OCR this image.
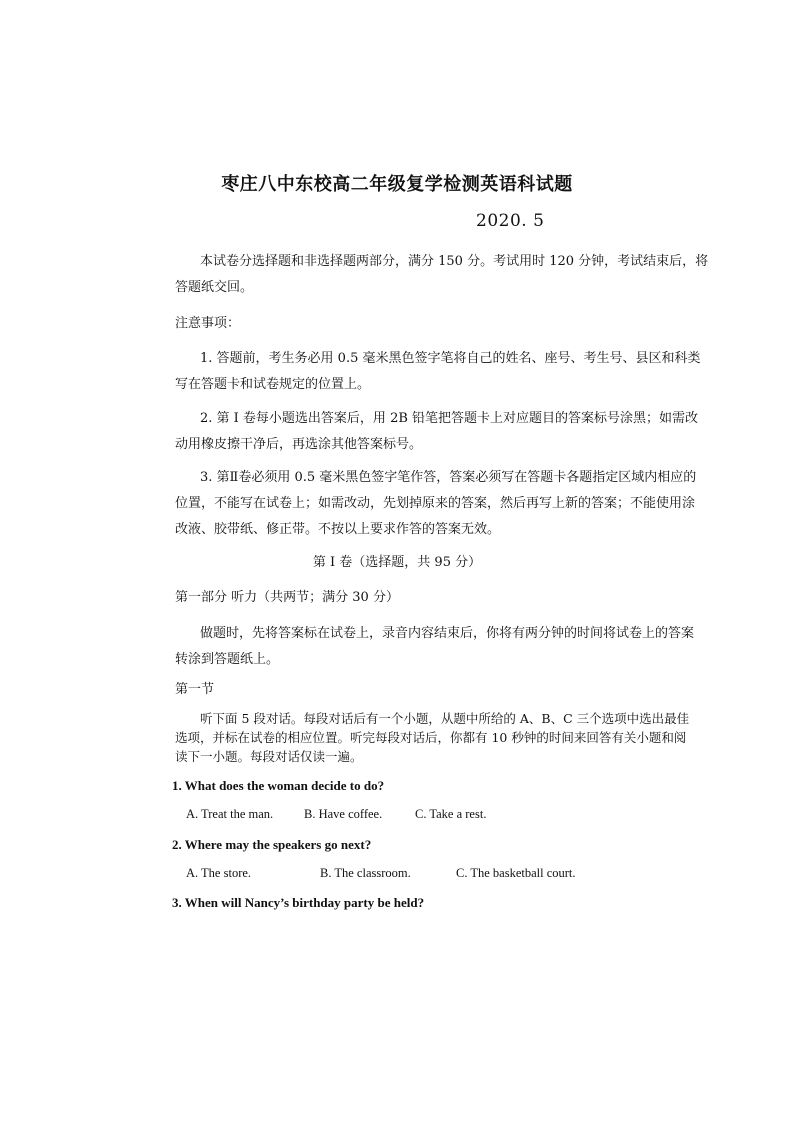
枣庄八中东校高二年级复学检测英语科试题
2020. 5
本试卷分选择题和非选择题两部分，满分 150 分。考试用时 120 分钟，考试结束后，将
答题纸交回。
注意事项：
1. 答题前，考生务必用 0.5 毫米黑色签字笔将自己的姓名、座号、考生号、县区和科类
写在答题卡和试卷规定的位置上。
2. 第 I 卷每小题选出答案后，用 2B 铅笔把答题卡上对应题目的答案标号涂黑；如需改
动用橡皮擦干净后，再选涂其他答案标号。
3. 第Ⅱ卷必须用 0.5 毫米黑色签字笔作答，答案必须写在答题卡各题指定区域内相应的
位置，不能写在试卷上；如需改动，先划掉原来的答案，然后再写上新的答案；不能使用涂
改液、胶带纸、修正带。不按以上要求作答的答案无效。
第 I 卷（选择题，共 95 分）
第一部分 听力（共两节；满分 30 分）
做题时，先将答案标在试卷上，录音内容结束后，你将有两分钟的时间将试卷上的答案
转涂到答题纸上。
第一节
听下面 5 段对话。每段对话后有一个小题，从题中所给的 A、B、C 三个选项中选出最佳
选项，并标在试卷的相应位置。听完每段对话后，你都有 10 秒钟的时间来回答有关小题和阅
读下一小题。每段对话仅读一遍。
1. What does the woman decide to do?
A. Treat the man. B. Have coffee.	C. Take a rest.
2. Where may the speakers go next?
A. The store.	B. The classroom.	C. The basketball court.
3. When will Nancy’s birthday party be held?
